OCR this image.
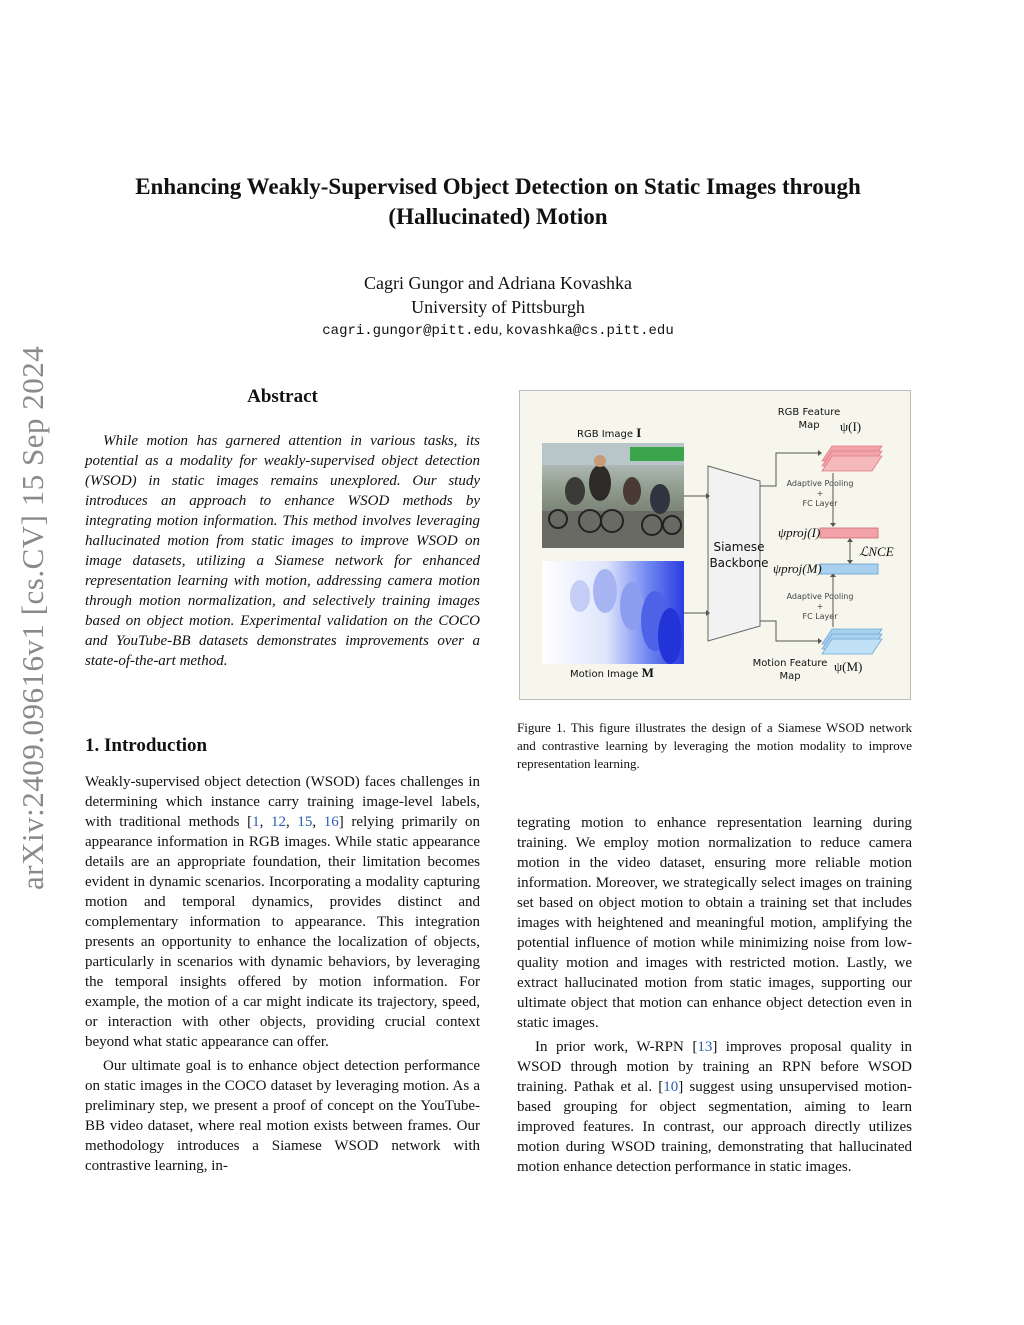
arXiv:2409.09616v1 [cs.CV] 15 Sep 2024
Enhancing Weakly-Supervised Object Detection on Static Images through
(Hallucinated) Motion
Cagri Gungor and Adriana Kovashka
University of Pittsburgh
cagri.gungor@pitt.edu, kovashka@cs.pitt.edu
Abstract
While motion has garnered attention in various tasks, its potential as a modality for weakly-supervised object detection (WSOD) in static images remains unexplored. Our study introduces an approach to enhance WSOD methods by integrating motion information. This method involves leveraging hallucinated motion from static images to improve WSOD on image datasets, utilizing a Siamese network for enhanced representation learning with motion, addressing camera motion through motion normalization, and selectively training images based on object motion. Experimental validation on the COCO and YouTube-BB datasets demonstrates improvements over a state-of-the-art method.
1. Introduction

Weakly-supervised object detection (WSOD) faces challenges in determining which instance carry training image-level labels, with traditional methods [1, 12, 15, 16] relying primarily on appearance information in RGB images. While static appearance details are an appropriate foundation, their limitation becomes evident in dynamic scenarios. Incorporating a modality capturing motion and temporal dynamics, provides distinct and complementary information to appearance. This integration presents an opportunity to enhance the localization of objects, particularly in scenarios with dynamic behaviors, by leveraging the temporal insights offered by motion information. For example, the motion of a car might indicate its trajectory, speed, or interaction with other objects, providing crucial context beyond what static appearance can offer.

Our ultimate goal is to enhance object detection performance on static images in the COCO dataset by leveraging motion. As a preliminary step, we present a proof of concept on the YouTube-BB video dataset, where real motion exists between frames. Our methodology introduces a Siamese WSOD network with contrastive learning, in-

tegrating motion to enhance representation learning during training. We employ motion normalization to reduce camera motion in the video dataset, ensuring more reliable motion information. Moreover, we strategically select images on training set based on object motion to obtain a training set that includes images with heightened and meaningful motion, amplifying the potential influence of motion while minimizing noise from low-quality motion and images with restricted motion. Lastly, we extract hallucinated motion from static images, supporting our ultimate object that motion can enhance object detection even in static images.

In prior work, W-RPN [13] improves proposal quality in WSOD through motion by training an RPN before WSOD training. Pathak et al. [10] suggest using unsupervised motion-based grouping for object segmentation, aiming to learn improved features. In contrast, our approach directly utilizes motion during WSOD training, demonstrating that hallucinated motion enhance detection performance in static images.

RGB Image I
Motion Image M
Siamese
Backbone
RGB Feature
Map	ψ(I)
Motion Feature
Map
ψ(M)
Adaptive Pooling
+
FC Layer
Adaptive Pooling
+
FC Layer
ψproj(I)
ψproj(M)
ℒNCE
Figure 1. This figure illustrates the design of a Siamese WSOD network and contrastive learning by leveraging the motion modality to improve representation learning.
